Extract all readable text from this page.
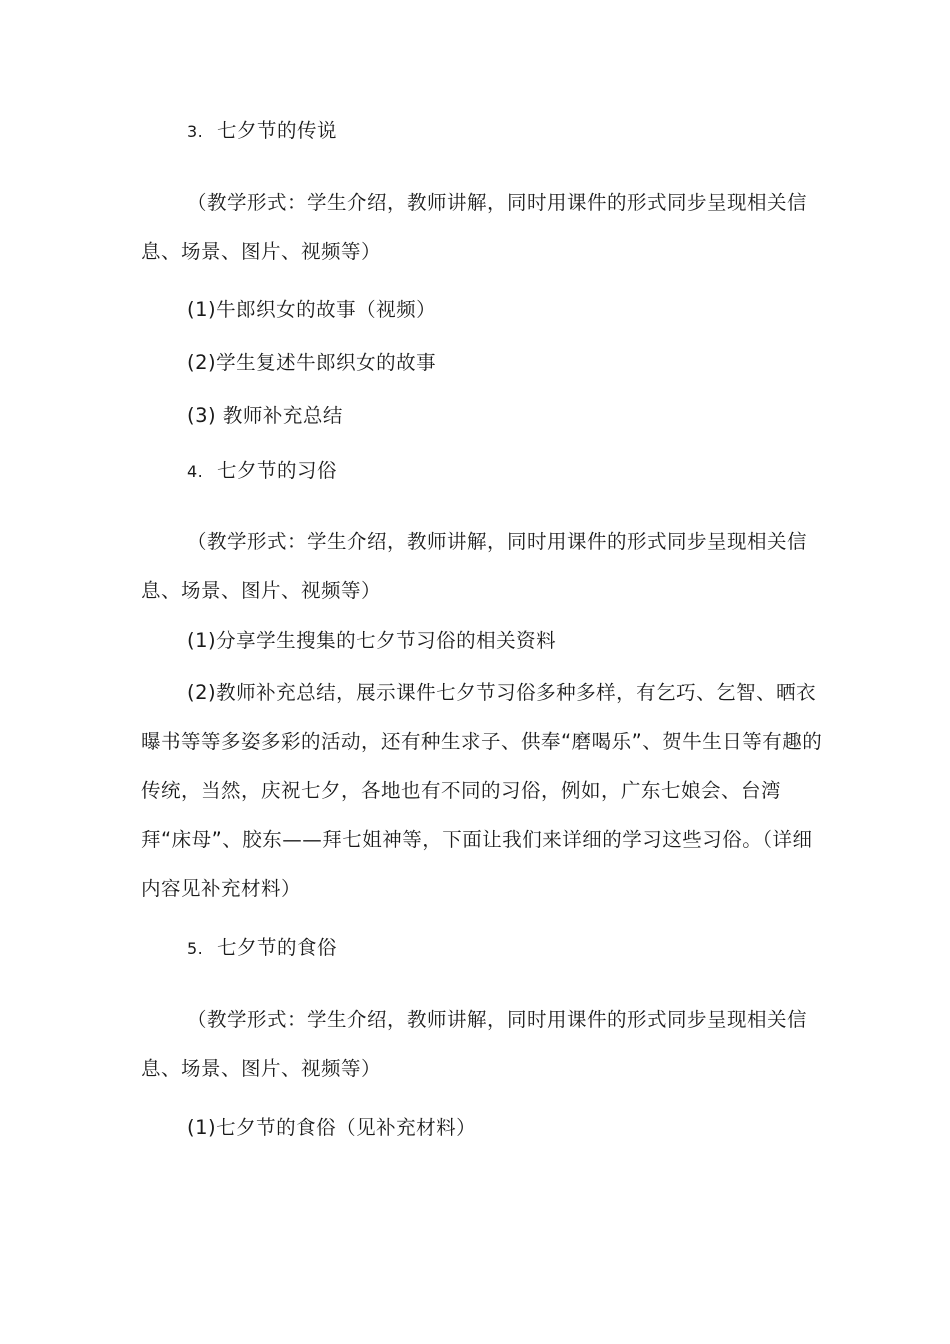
3. 七夕节的传说
（教学形式：学生介绍，教师讲解，同时用课件的形式同步呈现相关信息、场景、图片、视频等）
(1)牛郎织女的故事（视频）
(2)学生复述牛郎织女的故事
(3) 教师补充总结
4. 七夕节的习俗
（教学形式：学生介绍，教师讲解，同时用课件的形式同步呈现相关信息、场景、图片、视频等）
(1)分享学生搜集的七夕节习俗的相关资料
(2)教师补充总结，展示课件七夕节习俗多种多样，有乞巧、乞智、晒衣曝书等等多姿多彩的活动，还有种生求子、供奉“磨喝乐”、贺牛生日等有趣的传统，当然，庆祝七夕，各地也有不同的习俗，例如，广东七娘会、台湾拜“床母”、胶东——拜七姐神等，下面让我们来详细的学习这些习俗。（详细内容见补充材料）
5. 七夕节的食俗
（教学形式：学生介绍，教师讲解，同时用课件的形式同步呈现相关信息、场景、图片、视频等）
(1)七夕节的食俗（见补充材料）
